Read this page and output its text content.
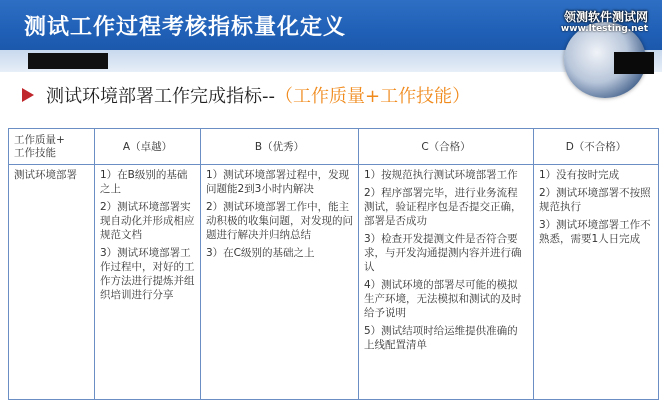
测试工作过程考核指标量化定义	领测软件测试网
www.ltesting.net
测试环境部署工作完成指标-- （工作质量+工作技能）
工作质量+
工作技能	A（卓越）	B（优秀）	C（合格）	D（不合格）
测试环境部署	1）在B级别的基础之上
2）测试环境部署实现自动化并形成相应规范文档
3）测试环境部署工作过程中，对好的工作方法进行提炼并组织培训进行分享	1）测试环境部署过程中，发现问题能2到3小时内解决
2）测试环境部署工作中，能主动积极的收集问题，对发现的问题进行解决并归纳总结
3）在C级别的基础之上	1）按规范执行测试环境部署工作
2）程序部署完毕，进行业务流程测试，验证程序包是否提交正确，部署是否成功
3）检查开发提测文件是否符合要求，与开发沟通提测内容并进行确认
4）测试环境的部署尽可能的模拟生产环境，无法模拟和测试的及时给予说明
5）测试结项时给运维提供准确的上线配置清单	1）没有按时完成
2）测试环境部署不按照规范执行
3）测试环境部署工作不熟悉，需要1人日完成
